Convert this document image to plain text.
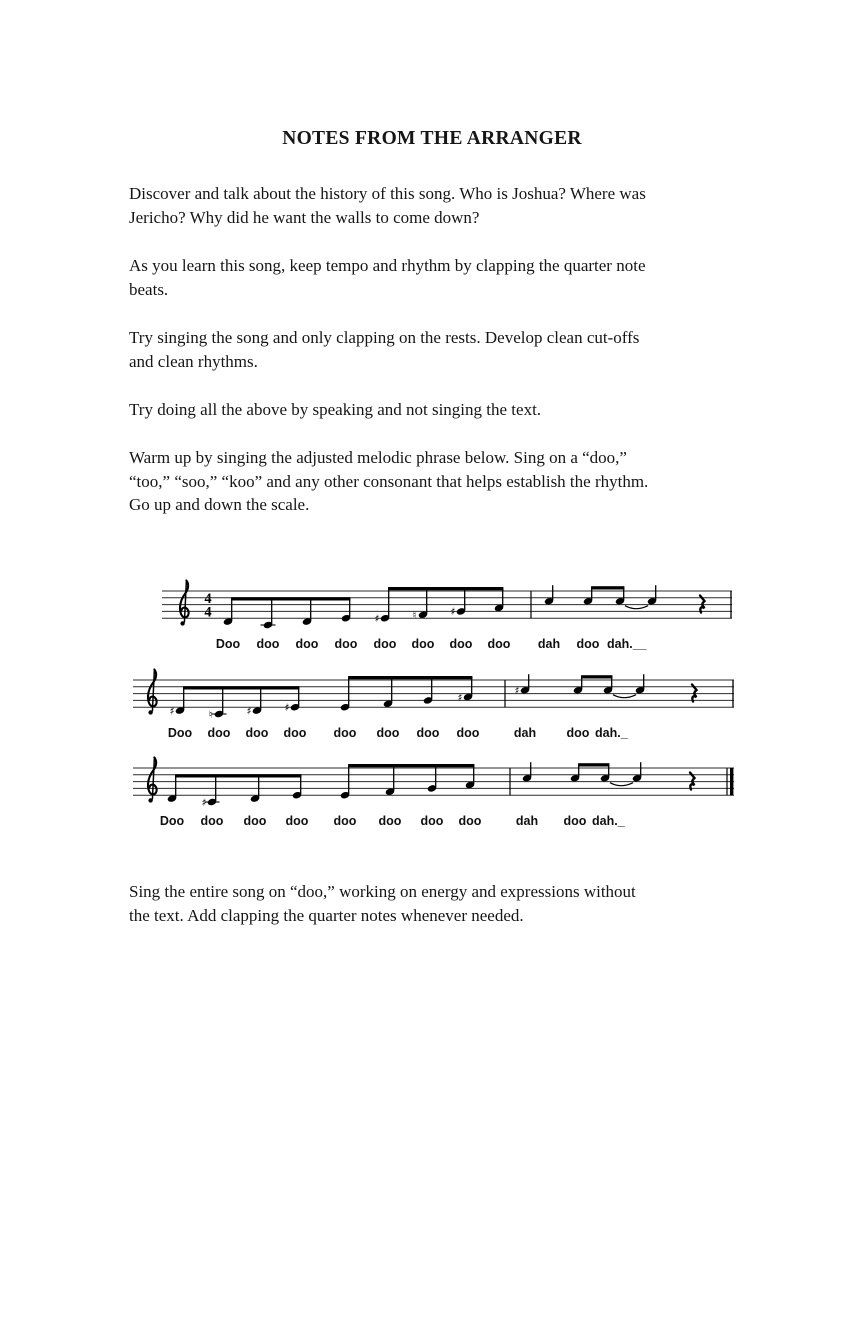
NOTES FROM THE ARRANGER
Discover and talk about the history of this song. Who is Joshua? Where was
Jericho? Why did he want the walls to come down?
As you learn this song, keep tempo and rhythm by clapping the quarter note
beats.
Try singing the song and only clapping on the rests. Develop clean cut-offs
and clean rhythms.
Try doing all the above by speaking and not singing the text.
Warm up by singing the adjusted melodic phrase below. Sing on a “doo,”
“too,” “soo,” “koo” and any other consonant that helps establish the rhythm.
Go up and down the scale.
4
4	♯	♮	♯
Doo doo doo doo doo doo doo doo dah doo dah.__
♯	♮	♯	♯
♯
♯
Doo doo doo doo doo doo doo doo	dah doo dah._
♯
Doo doo doo doo doo doo doo doo	dah doo dah._
Sing the entire song on “doo,” working on energy and expressions without
the text. Add clapping the quarter notes whenever needed.
